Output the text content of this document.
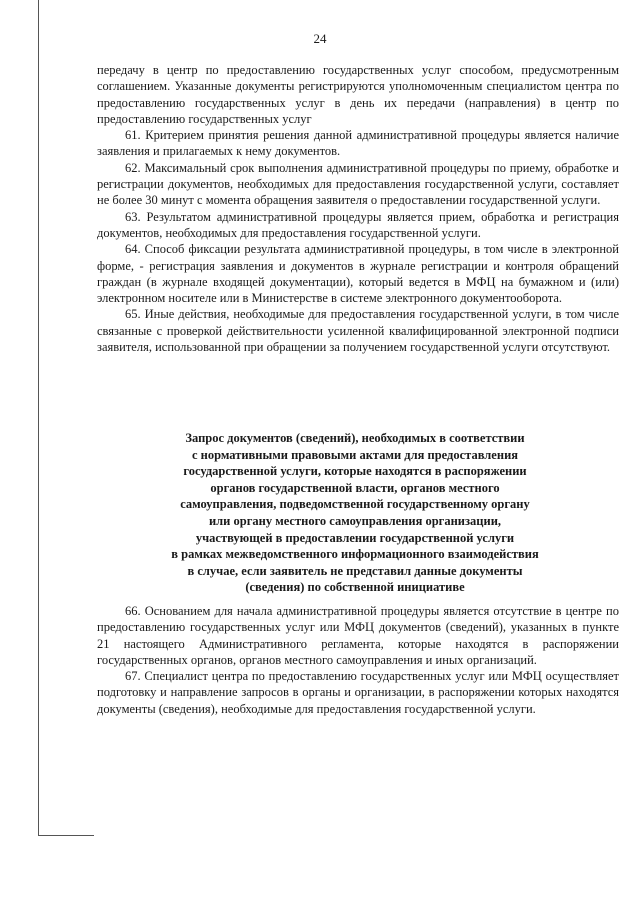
24

передачу в центр по предоставлению государственных услуг способом, предусмотренным соглашением. Указанные документы регистрируются уполномоченным специалистом центра по предоставлению государственных услуг в день их передачи (направления) в центр по предоставлению государственных услуг

61. Критерием принятия решения данной административной процедуры является наличие заявления и прилагаемых к нему документов.

62. Максимальный срок выполнения административной процедуры по приему, обработке и регистрации документов, необходимых для предоставления государственной услуги, составляет не более 30 минут с момента обращения заявителя о предоставлении государственной услуги.

63. Результатом административной процедуры является прием, обработка и регистрация документов, необходимых для предоставления государственной услуги.

64. Способ фиксации результата административной процедуры, в том числе в электронной форме, - регистрация заявления и документов в журнале регистрации и контроля обращений граждан (в журнале входящей документации), который ведется в МФЦ на бумажном и (или) электронном носителе или в Министерстве в системе электронного документооборота.

65. Иные действия, необходимые для предоставления государственной услуги, в том числе связанные с проверкой действительности усиленной квалифицированной электронной подписи заявителя, использованной при обращении за получением государственной услуги отсутствуют.

Запрос документов (сведений), необходимых в соответствии
с нормативными правовыми актами для предоставления
государственной услуги, которые находятся в распоряжении
органов государственной власти, органов местного
самоуправления, подведомственной государственному органу
или органу местного самоуправления организации,
участвующей в предоставлении государственной услуги
в рамках межведомственного информационного взаимодействия
в случае, если заявитель не представил данные документы
(сведения) по собственной инициативе

66. Основанием для начала административной процедуры является отсутствие в центре по предоставлению государственных услуг или МФЦ документов (сведений), указанных в пункте 21 настоящего Административного регламента, которые находятся в распоряжении государственных органов, органов местного самоуправления и иных организаций.

67. Специалист центра по предоставлению государственных услуг или МФЦ осуществляет подготовку и направление запросов в органы и организации, в распоряжении которых находятся документы (сведения), необходимые для предоставления государственной услуги.
